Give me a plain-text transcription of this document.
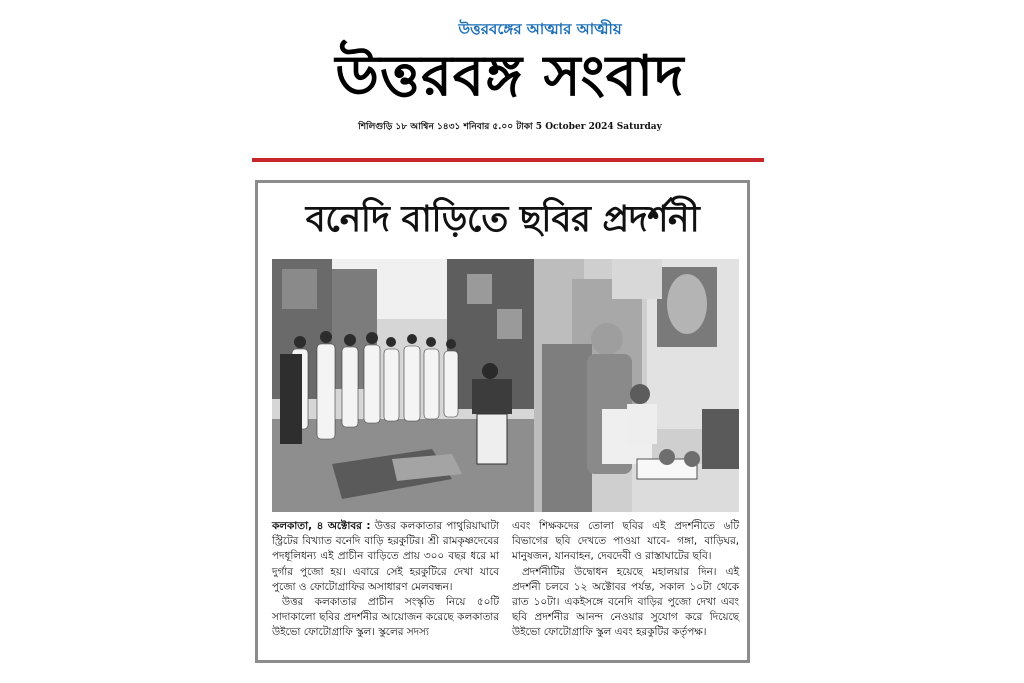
উত্তরবঙ্গের আত্মার আত্মীয়
উত্তরবঙ্গ সংবাদ
শিলিগুড়ি ১৮ আশ্বিন ১৪৩১ শনিবার ৫.০০ টাকা 5 October 2024 Saturday
বনেদি বাড়িতে ছবির প্রদর্শনী

কলকাতা, ৪ অক্টোবর : উত্তর কলকাতার পাথুরিয়াঘাটা স্ট্রিটের বিখ্যাত বনেদি বাড়ি হরকুটির। শ্রী রামকৃষ্ণদেবের পদধূলিধন্য এই প্রাচীন বাড়িতে প্রায় ৩০০ বছর ধরে মা দুর্গার পুজো হয়। এবারে সেই হরকুটিরে দেখা যাবে পুজো ও ফোটোগ্রাফির অসাধারণ মেলবন্ধন।

উত্তর কলকাতার প্রাচীন সংস্কৃতি নিয়ে ৫০টি সাদাকালো ছবির প্রদর্শনীর আয়োজন করেছে কলকাতার উইভো ফোটোগ্রাফি স্কুল। স্কুলের সদস্য

এবং শিক্ষকদের তোলা ছবির এই প্রদর্শনীতে ৬টি বিভাগের ছবি দেখতে পাওয়া যাবে- গঙ্গা, বাড়িঘর, মানুষজন, যানবাহন, দেবদেবী ও রাস্তাঘাটের ছবি।

প্রদর্শনীটির উদ্বোধন হয়েছে মহালয়ার দিন। এই প্রদর্শনী চলবে ১২ অক্টোবর পর্যন্ত, সকাল ১০টা থেকে রাত ১০টা। একইসঙ্গে বনেদি বাড়ির পুজো দেখা এবং ছবি প্রদর্শনীর আনন্দ নেওয়ার সুযোগ করে দিয়েছে উইভো ফোটোগ্রাফি স্কুল এবং হরকুটির কর্তৃপক্ষ।
